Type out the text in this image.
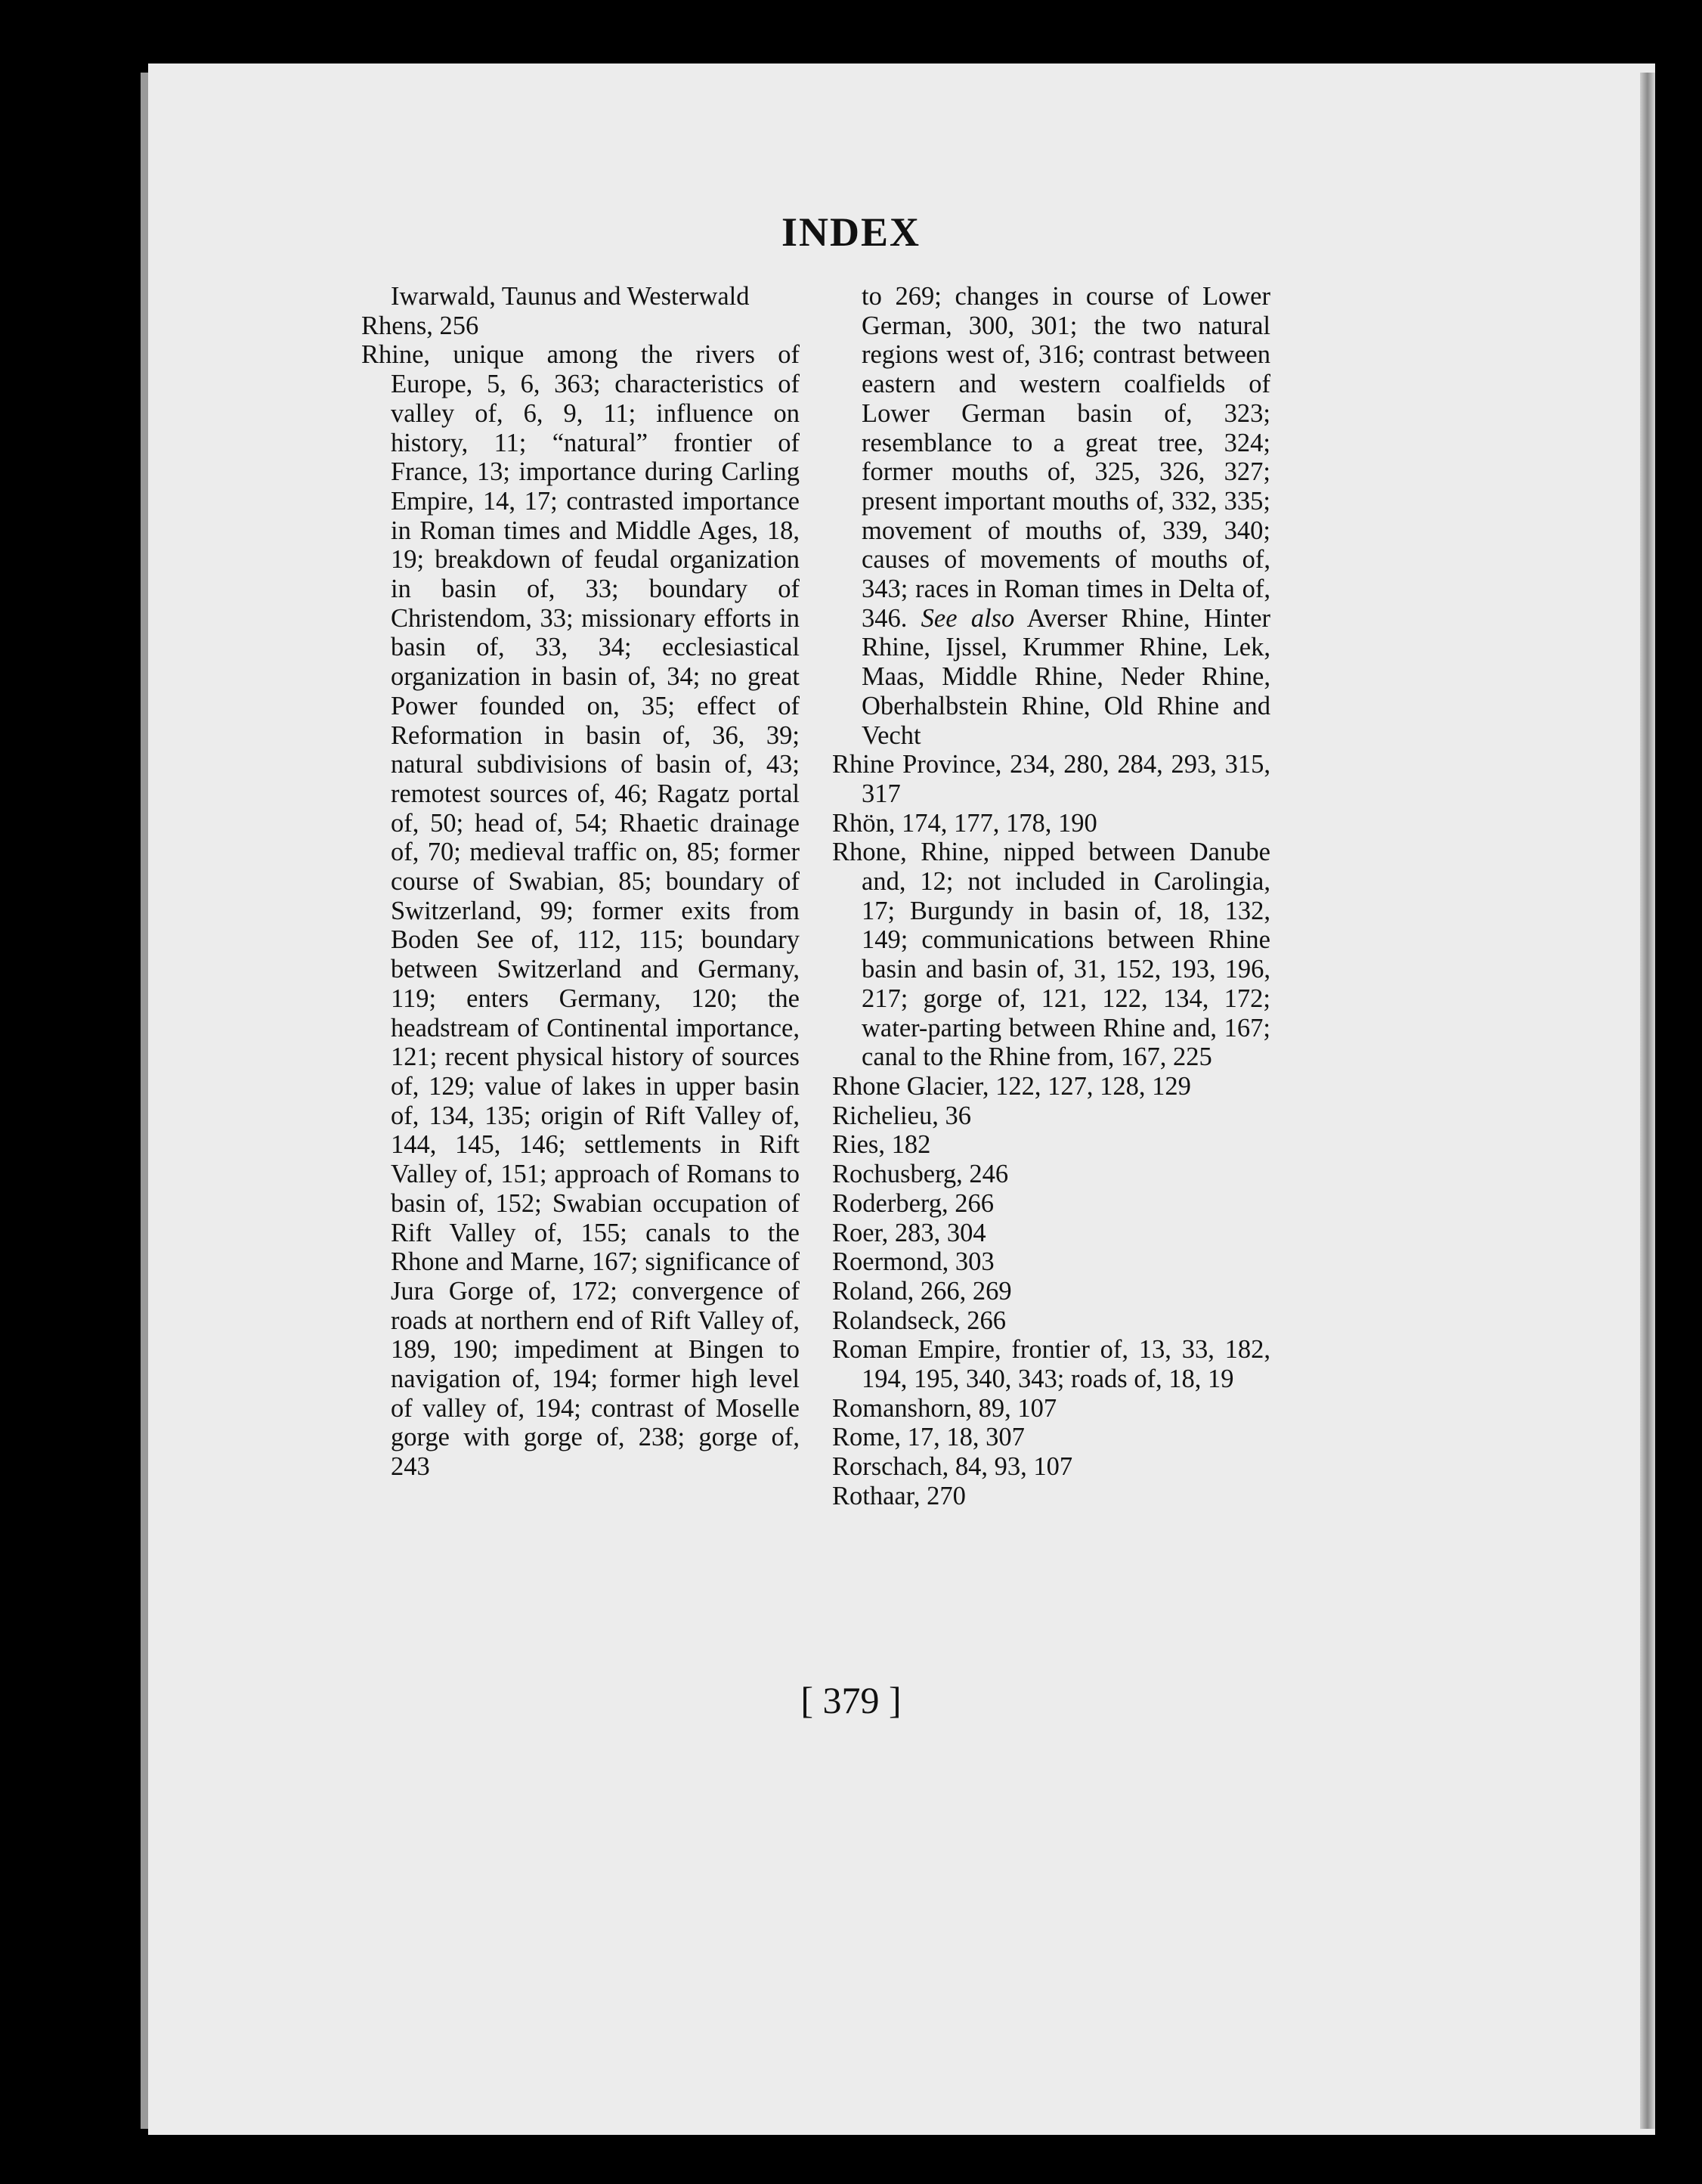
INDEX

Iwarwald, Taunus and Westerwald

Rhens, 256

Rhine, unique among the rivers of Europe, 5, 6, 363; characteristics of valley of, 6, 9, 11; influence on history, 11; “natural” frontier of France, 13; importance during Carling Empire, 14, 17; contrasted importance in Roman times and Middle Ages, 18, 19; breakdown of feudal organization in basin of, 33; boundary of Christendom, 33; missionary efforts in basin of, 33, 34; ecclesiastical organization in basin of, 34; no great Power founded on, 35; effect of Reformation in basin of, 36, 39; natural subdivisions of basin of, 43; remotest sources of, 46; Ragatz portal of, 50; head of, 54; Rhaetic drainage of, 70; medieval traffic on, 85; former course of Swabian, 85; boundary of Switzerland, 99; former exits from Boden See of, 112, 115; boundary between Switzerland and Germany, 119; enters Germany, 120; the headstream of Continental importance, 121; recent physical history of sources of, 129; value of lakes in upper basin of, 134, 135; origin of Rift Valley of, 144, 145, 146; settlements in Rift Valley of, 151; approach of Romans to basin of, 152; Swabian occupation of Rift Valley of, 155; canals to the Rhone and Marne, 167; significance of Jura Gorge of, 172; convergence of roads at northern end of Rift Valley of, 189, 190; impediment at Bingen to navigation of, 194; former high level of valley of, 194; contrast of Moselle gorge with gorge of, 238; gorge of, 243

to 269; changes in course of Lower German, 300, 301; the two natural regions west of, 316; contrast between eastern and western coalfields of Lower German basin of, 323; resemblance to a great tree, 324; former mouths of, 325, 326, 327; present important mouths of, 332, 335; movement of mouths of, 339, 340; causes of movements of mouths of, 343; races in Roman times in Delta of, 346. See also Averser Rhine, Hinter Rhine, Ijssel, Krummer Rhine, Lek, Maas, Middle Rhine, Neder Rhine, Oberhalbstein Rhine, Old Rhine and Vecht

Rhine Province, 234, 280, 284, 293, 315, 317

Rhön, 174, 177, 178, 190

Rhone, Rhine, nipped between Danube and, 12; not included in Carolingia, 17; Burgundy in basin of, 18, 132, 149; communications between Rhine basin and basin of, 31, 152, 193, 196, 217; gorge of, 121, 122, 134, 172; water-parting between Rhine and, 167; canal to the Rhine from, 167, 225

Rhone Glacier, 122, 127, 128, 129

Richelieu, 36

Ries, 182

Rochusberg, 246

Roderberg, 266

Roer, 283, 304

Roermond, 303

Roland, 266, 269

Rolandseck, 266

Roman Empire, frontier of, 13, 33, 182, 194, 195, 340, 343; roads of, 18, 19

Romanshorn, 89, 107

Rome, 17, 18, 307

Rorschach, 84, 93, 107

Rothaar, 270

[ 379 ]
